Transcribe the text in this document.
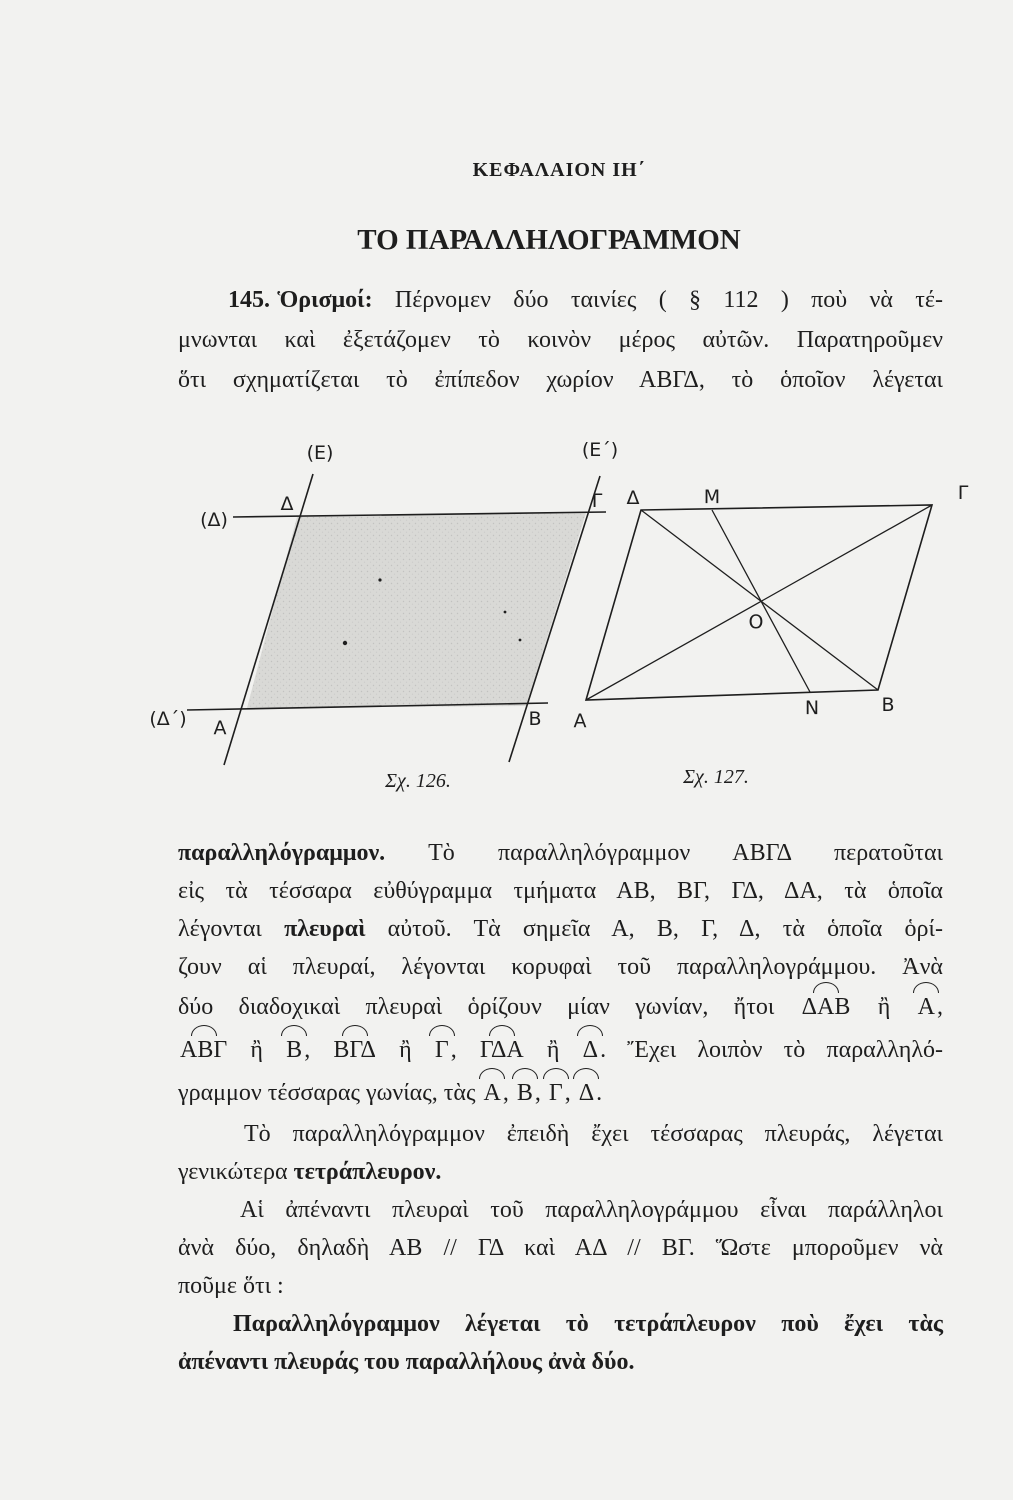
ΚΕΦΑΛΑΙΟΝ ΙΗ΄
ΤΟ ΠΑΡΑΛΛΗΛΟΓΡΑΜΜΟΝ
145. Ὁρισμοί: Πέρνομεν δύο ταινίες ( § 112 ) ποὺ νὰ τέ-
μνωνται καὶ ἐξετάζομεν τὸ κοινὸν μέρος αὐτῶν. Παρατηροῦμεν
ὅτι σχηματίζεται τὸ ἐπίπεδον χωρίον ΑΒΓΔ, τὸ ὁποῖον λέγεται
(Ε)	(Ε΄)
(Δ)
(Δ΄)
Δ	Γ
Α	Β
Σχ. 126.
Δ	Μ	Γ
Ο
Ν	Β
Α
Σχ. 127.
παραλληλόγραμμον. Τὸ παραλληλόγραμμον ΑΒΓΔ περατοῦται
εἰς τὰ τέσσαρα εὐθύγραμμα τμήματα ΑΒ, ΒΓ, ΓΔ, ΔΑ, τὰ ὁποῖα
λέγονται πλευραὶ αὐτοῦ. Τὰ σημεῖα Α, Β, Γ, Δ, τὰ ὁποῖα ὁρί-
ζουν αἱ πλευραί, λέγονται κορυφαὶ τοῦ παραλληλογράμμου. Ἀνὰ
δύο διαδοχικαὶ πλευραὶ ὁρίζουν μίαν γωνίαν, ἤτοι ΔΑΒ ἢ Α,
ΑΒΓ ἢ Β, ΒΓΔ ἢ Γ, ΓΔΑ ἢ Δ. Ἔχει λοιπὸν τὸ παραλληλό-
γραμμον τέσσαρας γωνίας, τὰς Α, Β, Γ, Δ.
Τὸ παραλληλόγραμμον ἐπειδὴ ἔχει τέσσαρας πλευράς, λέγεται
γενικώτερα τετράπλευρον.
Αἱ ἀπέναντι πλευραὶ τοῦ παραλληλογράμμου εἶναι παράλληλοι
ἀνὰ δύο, δηλαδὴ ΑΒ // ΓΔ καὶ ΑΔ // ΒΓ. Ὥστε μποροῦμεν νὰ
ποῦμε ὅτι :
Παραλληλόγραμμον λέγεται τὸ τετράπλευρον ποὺ ἔχει τὰς
ἀπέναντι πλευράς του παραλλήλους ἀνὰ δύο.
